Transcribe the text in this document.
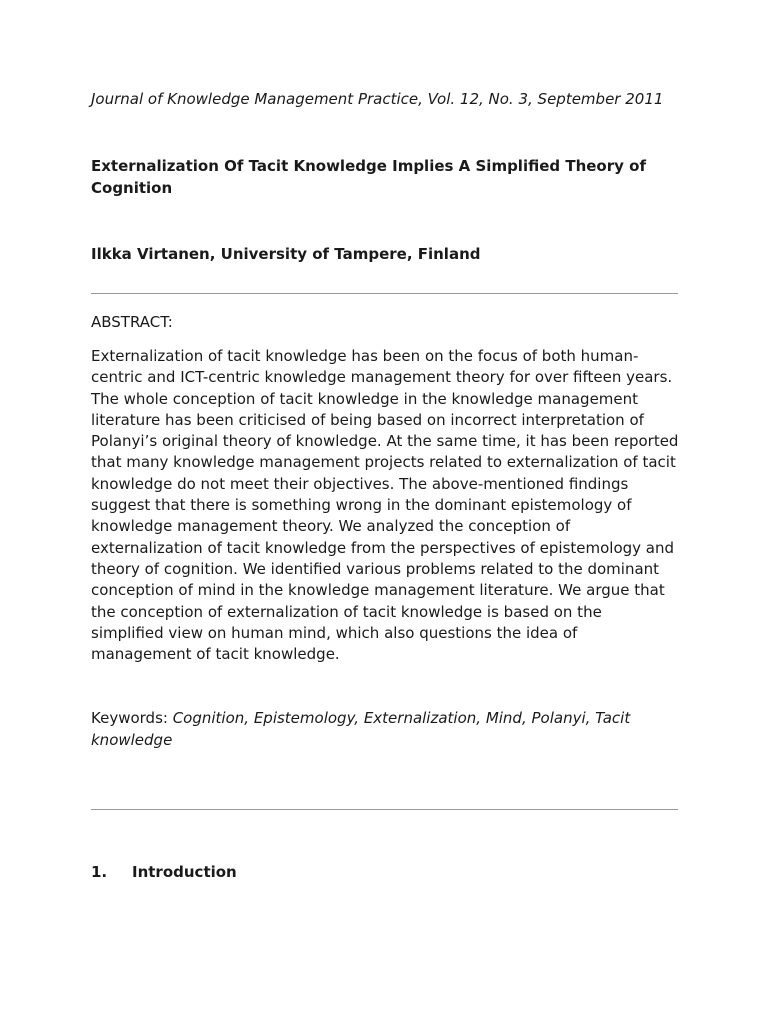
Journal of Knowledge Management Practice, Vol. 12, No. 3, September 2011
Externalization Of Tacit Knowledge Implies A Simplified Theory of Cognition
Ilkka Virtanen, University of Tampere, Finland
ABSTRACT:
Externalization of tacit knowledge has been on the focus of both human-centric and ICT-centric knowledge management theory for over fifteen years. The whole conception of tacit knowledge in the knowledge management literature has been criticised of being based on incorrect interpretation of Polanyi’s original theory of knowledge. At the same time, it has been reported that many knowledge management projects related to externalization of tacit knowledge do not meet their objectives. The above-mentioned findings suggest that there is something wrong in the dominant epistemology of knowledge management theory. We analyzed the conception of externalization of tacit knowledge from the perspectives of epistemology and theory of cognition. We identified various problems related to the dominant conception of mind in the knowledge management literature. We argue that the conception of externalization of tacit knowledge is based on the simplified view on human mind, which also questions the idea of management of tacit knowledge.
Keywords: Cognition, Epistemology, Externalization, Mind, Polanyi, Tacit knowledge
1. Introduction
